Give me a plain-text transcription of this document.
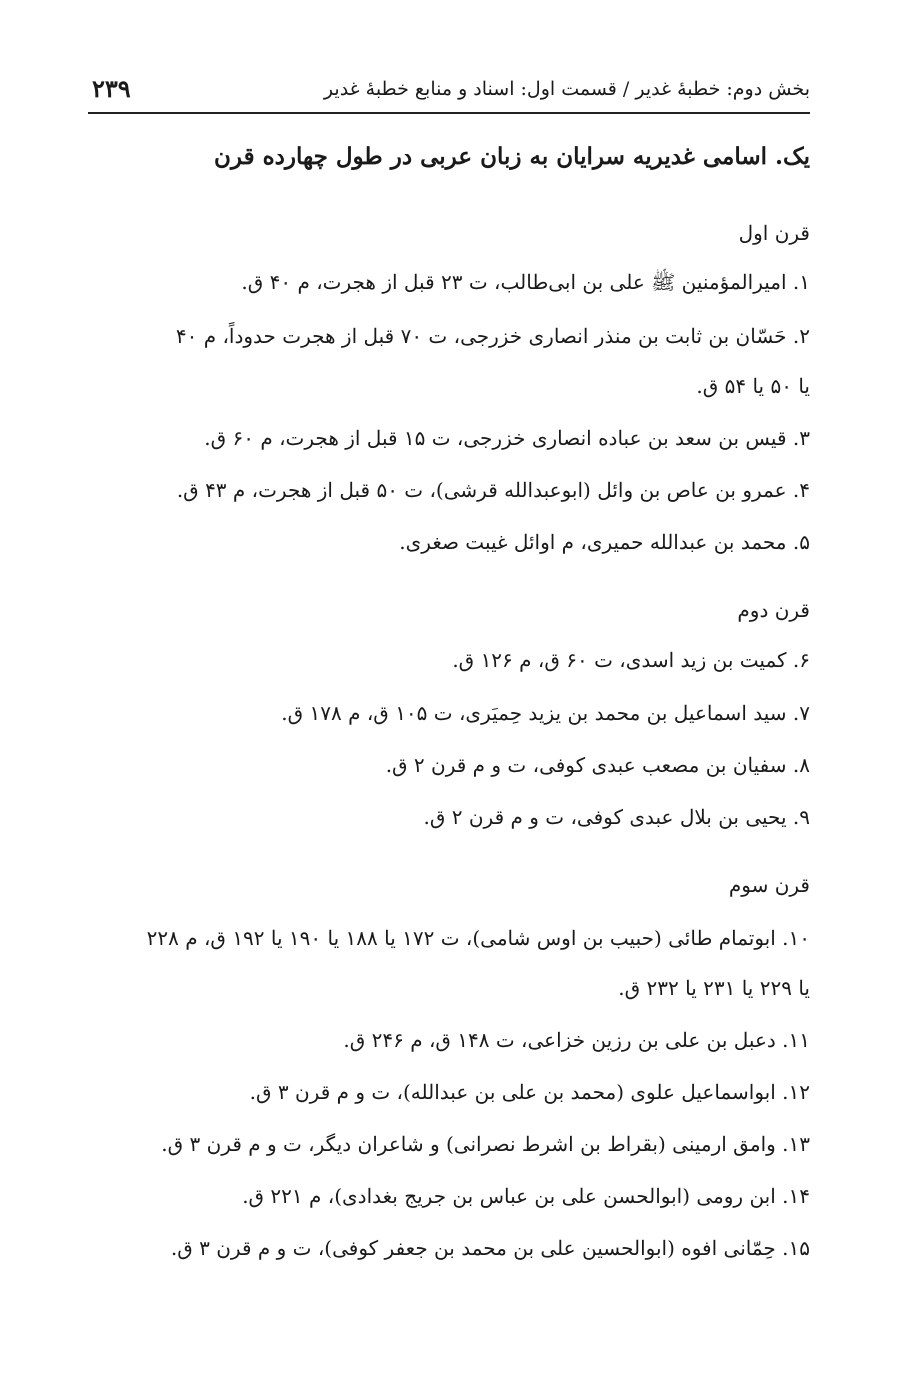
بخش دوم: خطبهٔ غدیر / قسمت اول: اسناد و منابع خطبهٔ غدیر
۲۳۹
یک. اسامی غدیریه سرایان به زبان عربی در طول چهارده قرن
قرن اول
۱. امیرالمؤمنین ﷺ علی بن ابی‌طالب، ت ۲۳ قبل از هجرت، م ۴۰ ق.
۲. حَسّان بن ثابت بن منذر انصاری خزرجی، ت ۷۰ قبل از هجرت حدوداً، م ۴۰
یا ۵۰ یا ۵۴ ق.
۳. قیس بن سعد بن عباده انصاری خزرجی، ت ۱۵ قبل از هجرت، م ۶۰ ق.
۴. عمرو بن عاص بن وائل (ابوعبدالله قرشی)، ت ۵۰ قبل از هجرت، م ۴۳ ق.
۵. محمد بن عبدالله حمیری، م اوائل غیبت صغری.
قرن دوم
۶. کمیت بن زید اسدی، ت ۶۰ ق، م ۱۲۶ ق.
۷. سید اسماعیل بن محمد بن یزید حِمیَری، ت ۱۰۵ ق، م ۱۷۸ ق.
۸. سفیان بن مصعب عبدی کوفی، ت و م قرن ۲ ق.
۹. یحیی بن بلال عبدی کوفی، ت و م قرن ۲ ق.
قرن سوم
۱۰. ابوتمام طائی (حبیب بن اوس شامی)، ت ۱۷۲ یا ۱۸۸ یا ۱۹۰ یا ۱۹۲ ق، م ۲۲۸
یا ۲۲۹ یا ۲۳۱ یا ۲۳۲ ق.
۱۱. دعبل بن علی بن رزین خزاعی، ت ۱۴۸ ق، م ۲۴۶ ق.
۱۲. ابواسماعیل علوی (محمد بن علی بن عبدالله)، ت و م قرن ۳ ق.
۱۳. وامق ارمینی (بقراط بن اشرط نصرانی) و شاعران دیگر، ت و م قرن ۳ ق.
۱۴. ابن رومی (ابوالحسن علی بن عباس بن جریج بغدادی)، م ۲۲۱ ق.
۱۵. حِمّانی افوه (ابوالحسین علی بن محمد بن جعفر کوفی)، ت و م قرن ۳ ق.
